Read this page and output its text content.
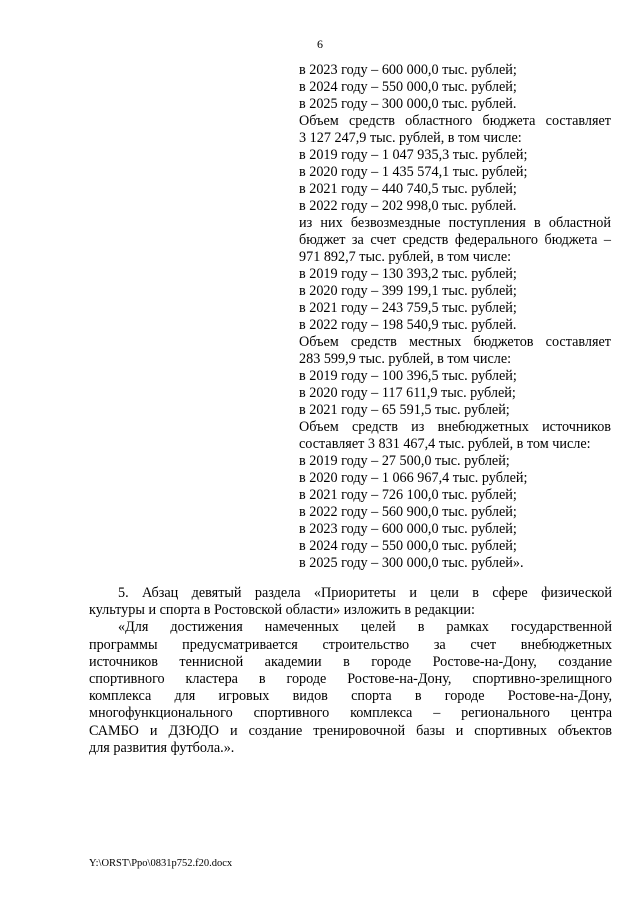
6
в 2023 году – 600 000,0 тыс. рублей;
в 2024 году – 550 000,0 тыс. рублей;
в 2025 году – 300 000,0 тыс. рублей.
Объем средств областного бюджета составляет
3 127 247,9 тыс. рублей, в том числе:
в 2019 году – 1 047 935,3 тыс. рублей;
в 2020 году – 1 435 574,1 тыс. рублей;
в 2021 году – 440 740,5 тыс. рублей;
в 2022 году – 202 998,0 тыс. рублей.
из них безвозмездные поступления в областной
бюджет за счет средств федерального бюджета –
971 892,7 тыс. рублей, в том числе:
в 2019 году – 130 393,2 тыс. рублей;
в 2020 году – 399 199,1 тыс. рублей;
в 2021 году – 243 759,5 тыс. рублей;
в 2022 году – 198 540,9 тыс. рублей.
Объем средств местных бюджетов составляет
283 599,9 тыс. рублей, в том числе:
в 2019 году – 100 396,5 тыс. рублей;
в 2020 году – 117 611,9 тыс. рублей;
в 2021 году – 65 591,5 тыс. рублей;
Объем средств из внебюджетных источников
составляет 3 831 467,4 тыс. рублей, в том числе:
в 2019 году – 27 500,0 тыс. рублей;
в 2020 году – 1 066 967,4 тыс. рублей;
в 2021 году – 726 100,0 тыс. рублей;
в 2022 году – 560 900,0 тыс. рублей;
в 2023 году – 600 000,0 тыс. рублей;
в 2024 году – 550 000,0 тыс. рублей;
в 2025 году – 300 000,0 тыс. рублей».
5. Абзац девятый раздела «Приоритеты и цели в сфере физической
культуры и спорта в Ростовской области» изложить в редакции:
«Для достижения намеченных целей в рамках государственной
программы предусматривается строительство за счет внебюджетных
источников теннисной академии в городе Ростове-на-Дону, создание
спортивного кластера в городе Ростове-на-Дону, спортивно-зрелищного
комплекса для игровых видов спорта в городе Ростове-на-Дону,
многофункционального спортивного комплекса – регионального центра
САМБО и ДЗЮДО и создание тренировочной базы и спортивных объектов
для развития футбола.».
Y:\ORST\Ppo\0831p752.f20.docx
